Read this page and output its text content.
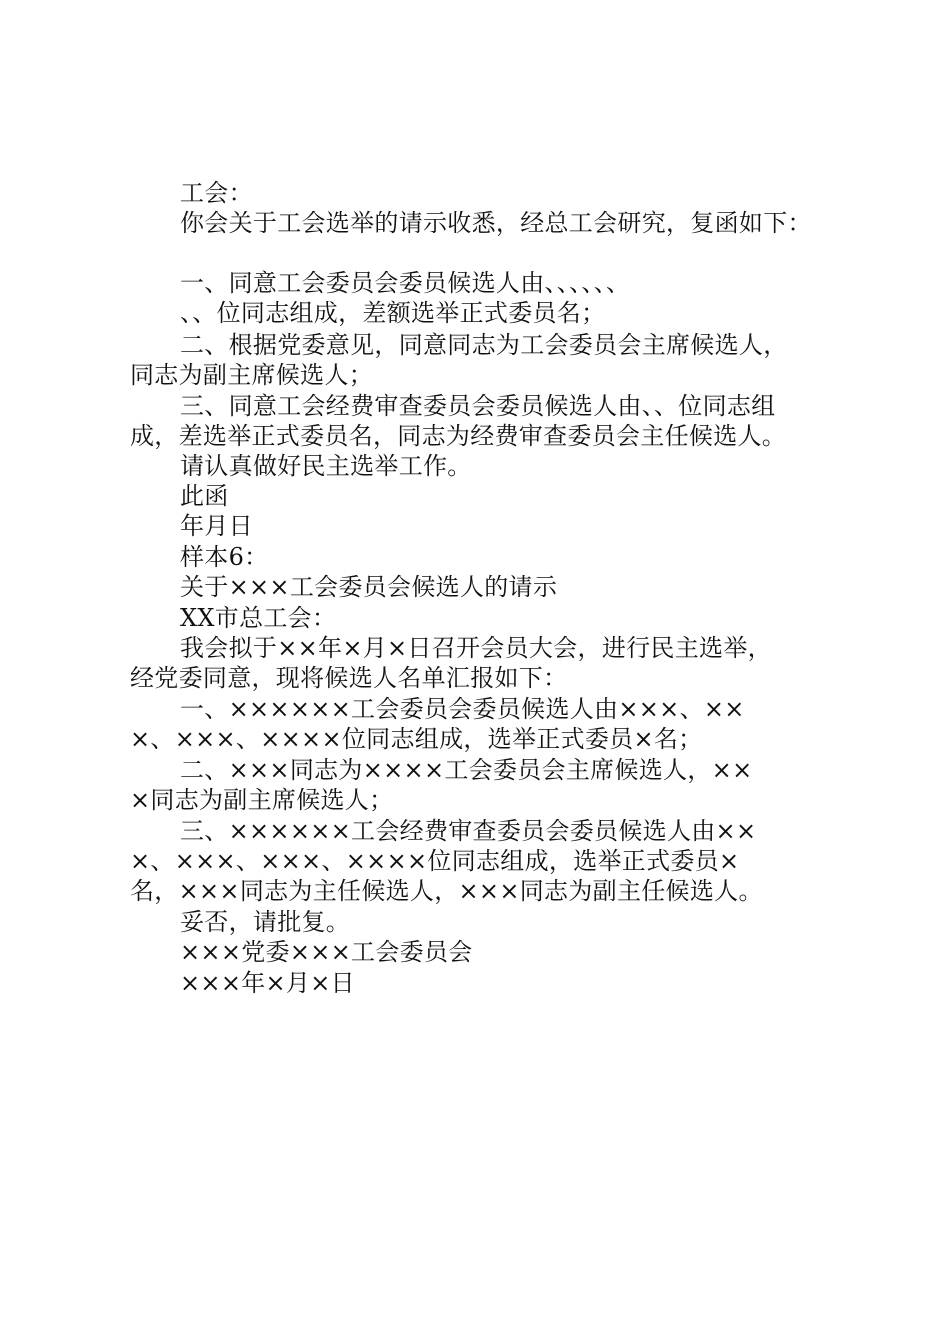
工会：
你会关于工会选举的请示收悉，经总工会研究，复函如下：
一、同意工会委员会委员候选人由、、、、、、
、、位同志组成，差额选举正式委员名；
二、根据党委意见，同意同志为工会委员会主席候选人，
同志为副主席候选人；
三、同意工会经费审查委员会委员候选人由、、位同志组
成，差选举正式委员名，同志为经费审查委员会主任候选人。
请认真做好民主选举工作。
此函
年月日
样本6：
关于×××工会委员会候选人的请示
XX市总工会：
我会拟于××年×月×日召开会员大会，进行民主选举，
经党委同意，现将候选人名单汇报如下：
一、××××××工会委员会委员候选人由×××、××
×、×××、××××位同志组成，选举正式委员×名；
二、×××同志为××××工会委员会主席候选人，××
×同志为副主席候选人；
三、××××××工会经费审查委员会委员候选人由××
×、×××、×××、××××位同志组成，选举正式委员×
名，×××同志为主任候选人，×××同志为副主任候选人。
妥否，请批复。
×××党委×××工会委员会
×××年×月×日
